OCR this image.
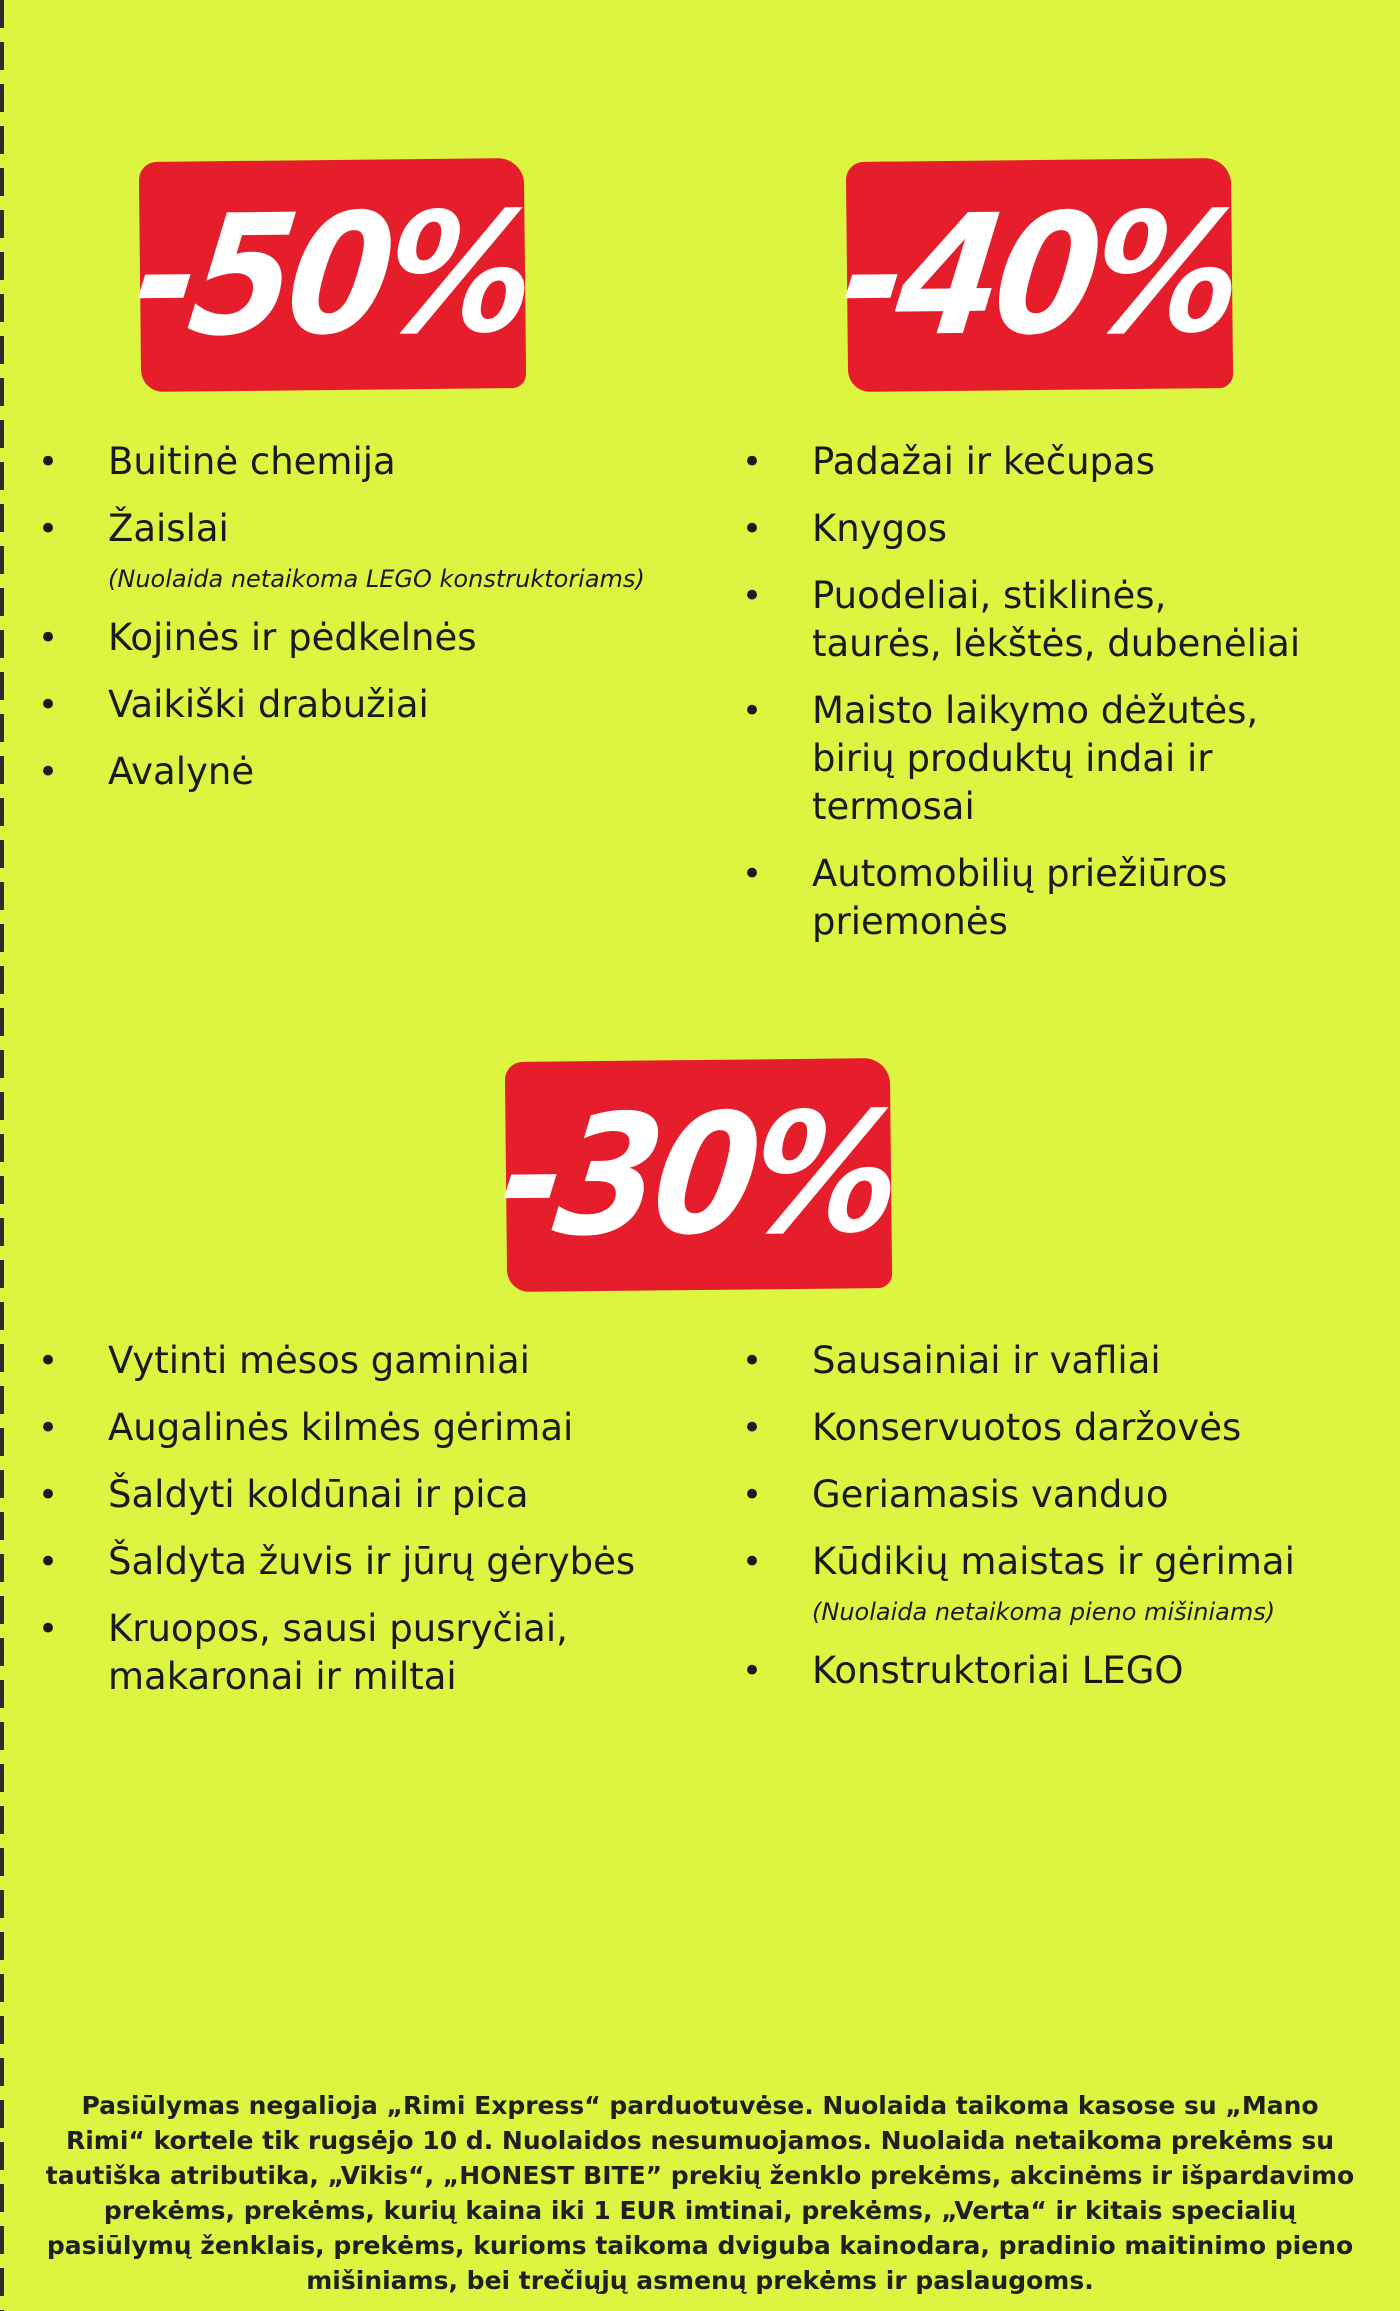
-50% -40%
• Buitinė chemija
• Žaislai
(Nuolaida netaikoma LEGO konstruktoriams)
• Kojinės ir pėdkelnės
• Vaikiški drabužiai
• Avalynė
• Padažai ir kečupas
• Knygos
• Puodeliai, stiklinės, taurės, lėkštės, dubenėliai
• Maisto laikymo dėžutės, birių produktų indai ir termosai
• Automobilių priežiūros priemonės
-30%
• Vytinti mėsos gaminiai
• Augalinės kilmės gėrimai
• Šaldyti koldūnai ir pica
• Šaldyta žuvis ir jūrų gėrybės
• Kruopos, sausi pusryčiai, makaronai ir miltai
• Sausainiai ir vafliai
• Konservuotos daržovės
• Geriamasis vanduo
• Kūdikių maistas ir gėrimai
(Nuolaida netaikoma pieno mišiniams)
• Konstruktoriai LEGO
Pasiūlymas negalioja „Rimi Express“ parduotuvėse. Nuolaida taikoma kasose su „Mano Rimi“ kortele tik rugsėjo 10 d. Nuolaidos nesumuojamos. Nuolaida netaikoma prekėms su tautiška atributika, „Vikis“, „HONEST BITE” prekių ženklo prekėms, akcinėms ir išpardavimo prekėms, prekėms, kurių kaina iki 1 EUR imtinai, prekėms, „Verta“ ir kitais specialių pasiūlymų ženklais, prekėms, kurioms taikoma dviguba kainodara, pradinio maitinimo pieno mišiniams, bei trečiųjų asmenų prekėms ir paslaugoms.
